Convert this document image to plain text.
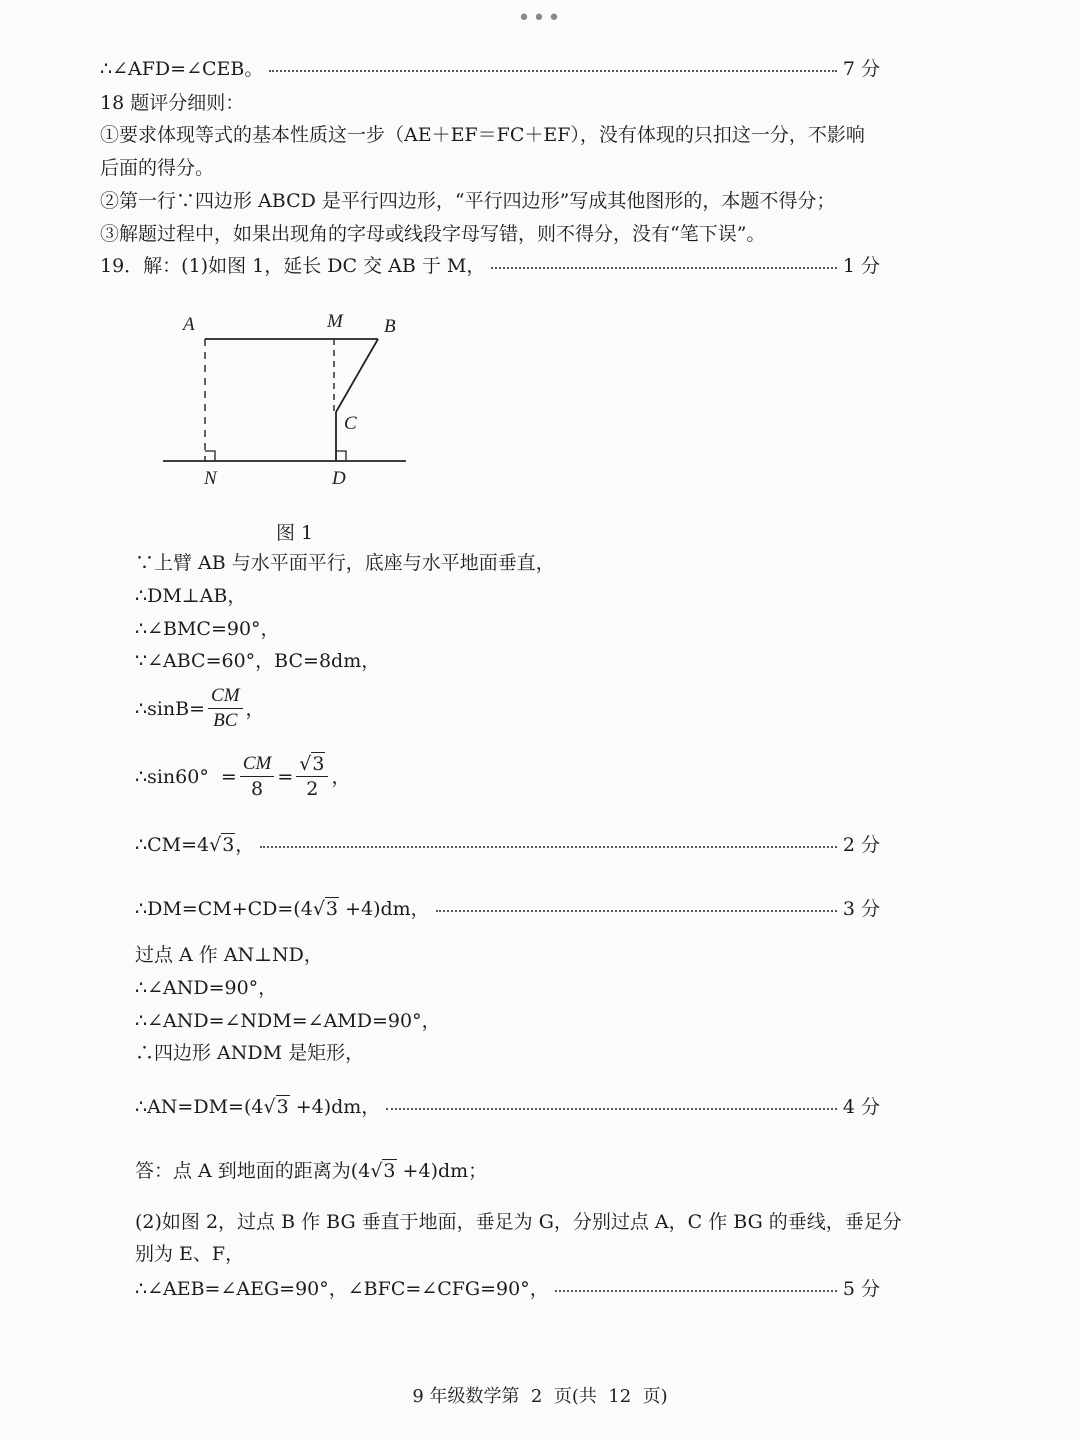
•••
∴∠AFD=∠CEB。	7 分
18 题评分细则：
①要求体现等式的基本性质这一步（AE＋EF＝FC＋EF），没有体现的只扣这一分，不影响
后面的得分。
②第一行∵四边形 ABCD 是平行四边形，“平行四边形”写成其他图形的，本题不得分；
③解题过程中，如果出现角的字母或线段字母写错，则不得分，没有“笔下误”。
19．解：(1)如图 1，延长 DC 交 AB 于 M，	1 分
A	M B
C
N	D
图 1
∵上臂 AB 与水平面平行，底座与水平地面垂直，
∴DM⊥AB，
∴∠BMC=90°，
∵∠ABC=60°，BC=8dm，
∴sinB= $\frac{CM}{BC}$ ，
∴sin60°  = $\frac{CM}{8} = \frac{√3}{2}$ ，
∴CM=4 √3 ，	2 分
∴DM=CM+CD=(4 √3 +4)dm，	3 分
过点 A 作 AN⊥ND，
∴∠AND=90°，
∴∠AND=∠NDM=∠AMD=90°，
∴四边形 ANDM 是矩形，
∴AN=DM=(4 √3 +4)dm，	4 分
答：点 A 到地面的距离为(4√3 +4)dm；
(2)如图 2，过点 B 作 BG 垂直于地面，垂足为 G，分别过点 A，C 作 BG 的垂线，垂足分
别为 E、F，
∴∠AEB=∠AEG=90°，∠BFC=∠CFG=90°，	5 分
9 年级数学第  2  页(共  12  页)
